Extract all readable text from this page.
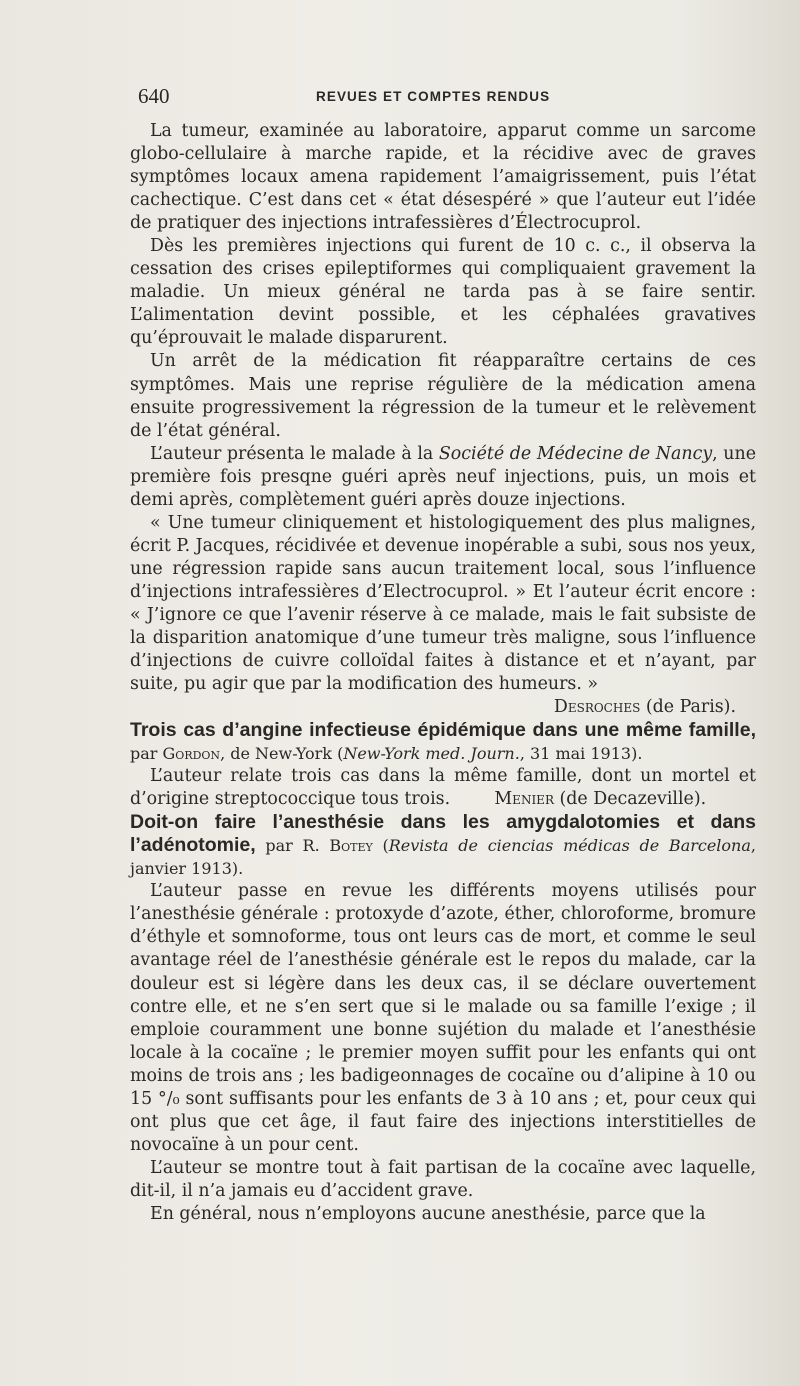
640	REVUES ET COMPTES RENDUS

La tumeur, examinée au laboratoire, apparut comme un sarcome globo-cellulaire à marche rapide, et la récidive avec de graves symptômes locaux amena rapidement l’amaigrissement, puis l’état cachectique. C’est dans cet « état désespéré » que l’auteur eut l’idée de pratiquer des injections intrafessières d’Électrocuprol.

Dès les premières injections qui furent de 10 c. c., il observa la cessation des crises epileptiformes qui compliquaient gravement la maladie. Un mieux général ne tarda pas à se faire sentir. L’alimentation devint possible, et les céphalées gravatives qu’éprouvait le malade disparurent.

Un arrêt de la médication fit réapparaître certains de ces symptômes. Mais une reprise régulière de la médication amena ensuite progressivement la régression de la tumeur et le relèvement de l’état général.

L’auteur présenta le malade à la Société de Médecine de Nancy, une première fois presqne guéri après neuf injections, puis, un mois et demi après, complètement guéri après douze injections.

« Une tumeur cliniquement et histologiquement des plus malignes, écrit P. Jacques, récidivée et devenue inopérable a subi, sous nos yeux, une régression rapide sans aucun traitement local, sous l’influence d’injections intrafessières d’Electrocuprol. » Et l’auteur écrit encore : « J’ignore ce que l’avenir réserve à ce malade, mais le fait subsiste de la disparition anatomique d’une tumeur très maligne, sous l’influence d’injections de cuivre colloïdal faites à distance et et n’ayant, par suite, pu agir que par la modification des humeurs. »

Desroches (de Paris).

Trois cas d’angine infectieuse épidémique dans une même famille, par Gordon, de New-York (New-York med. Journ., 31 mai 1913).

L’auteur relate trois cas dans la même famille, dont un mortel et d’origine streptococcique tous trois.	Menier (de Decazeville).

Doit-on faire l’anesthésie dans les amygdalotomies et dans l’adénotomie, par R. Botey (Revista de ciencias médicas de Barcelona, janvier 1913).

L’auteur passe en revue les différents moyens utilisés pour l’anesthésie générale : protoxyde d’azote, éther, chloroforme, bromure d’éthyle et somnoforme, tous ont leurs cas de mort, et comme le seul avantage réel de l’anesthésie générale est le repos du malade, car la douleur est si légère dans les deux cas, il se déclare ouvertement contre elle, et ne s’en sert que si le malade ou sa famille l’exige ; il emploie couramment une bonne sujétion du malade et l’anesthésie locale à la cocaïne ; le premier moyen suffit pour les enfants qui ont moins de trois ans ; les badigeonnages de cocaïne ou d’alipine à 10 ou 15 °/₀ sont suffisants pour les enfants de 3 à 10 ans ; et, pour ceux qui ont plus que cet âge, il faut faire des injections interstitielles de novocaïne à un pour cent.

L’auteur se montre tout à fait partisan de la cocaïne avec laquelle, dit-il, il n’a jamais eu d’accident grave.

En général, nous n’employons aucune anesthésie, parce que la
